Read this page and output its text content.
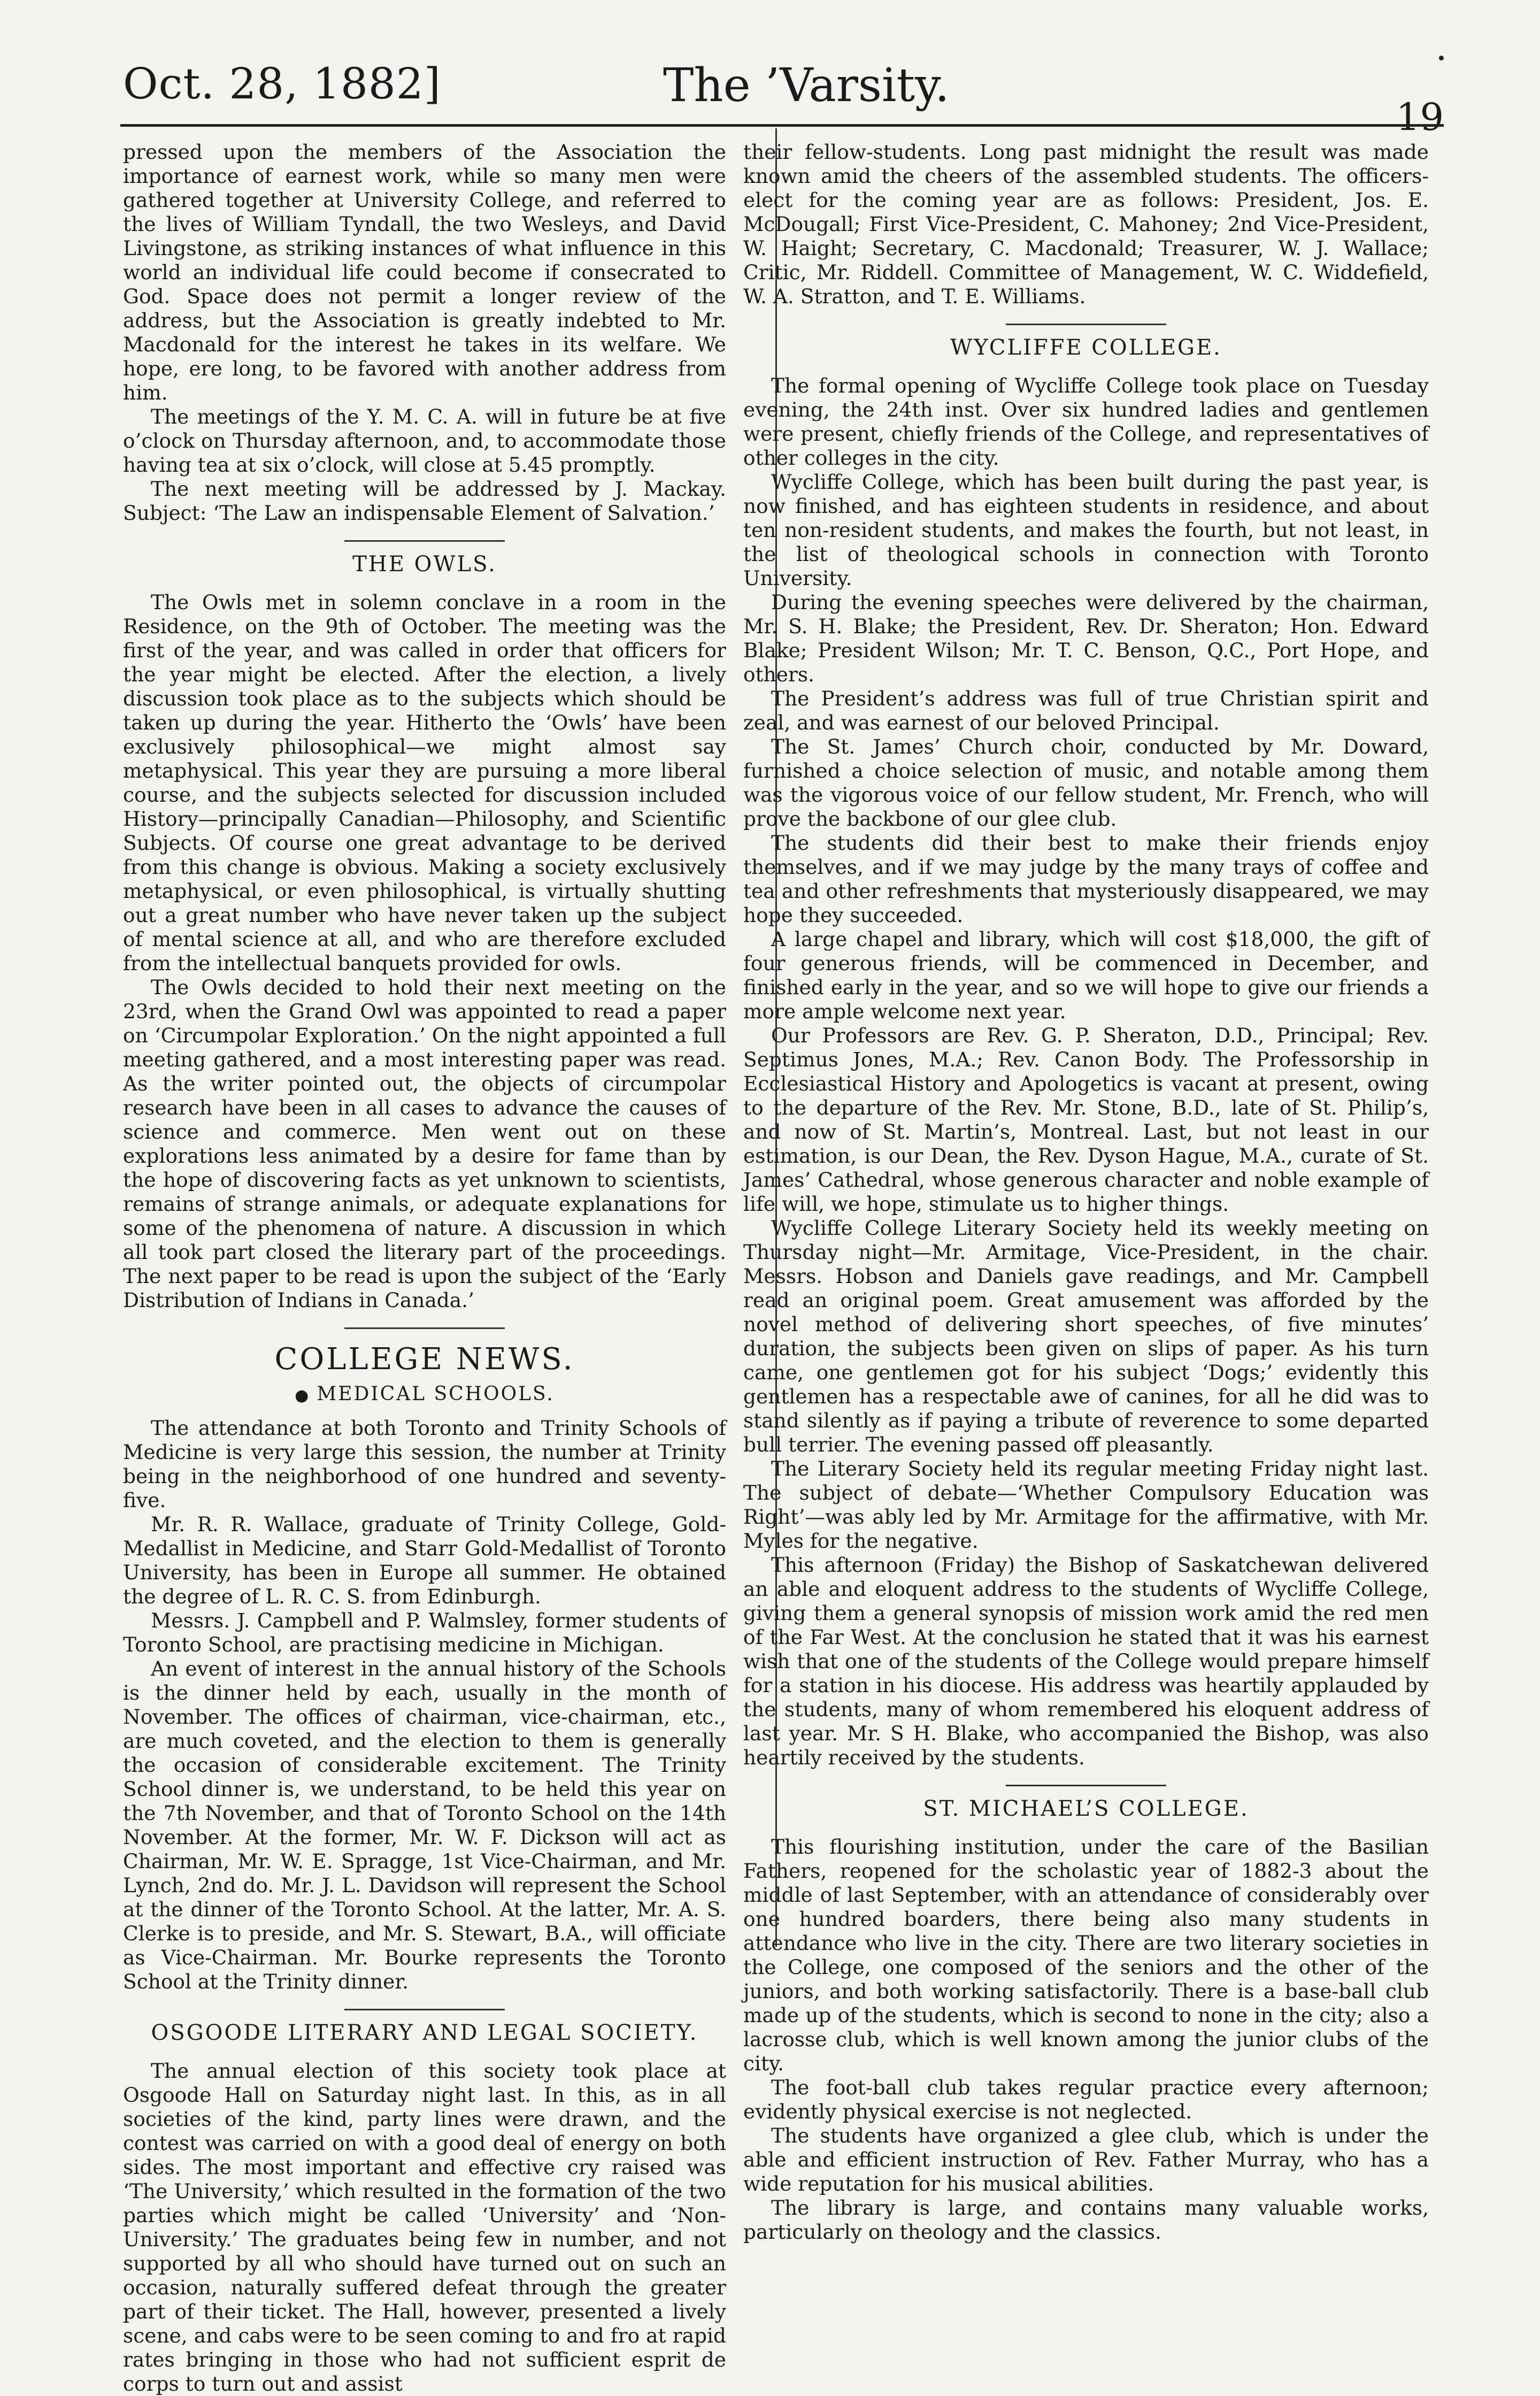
Oct. 28, 1882]	The ’Varsity.
19

pressed upon the members of the Association the importance of earnest work, while so many men were gathered together at University College, and referred to the lives of William Tyndall, the two Wesleys, and David Livingstone, as striking instances of what influence in this world an individual life could become if consecrated to God. Space does not permit a longer review of the address, but the Association is greatly indebted to Mr. Macdonald for the interest he takes in its welfare. We hope, ere long, to be favored with another address from him.

The meetings of the Y. M. C. A. will in future be at five o’clock on Thursday afternoon, and, to accommodate those having tea at six o’clock, will close at 5.45 promptly.

The next meeting will be addressed by J. Mackay. Subject: ‘The Law an indispensable Element of Salvation.’

THE OWLS.

The Owls met in solemn conclave in a room in the Residence, on the 9th of October. The meeting was the first of the year, and was called in order that officers for the year might be elected. After the election, a lively discussion took place as to the subjects which should be taken up during the year. Hitherto the ‘Owls’ have been exclusively philosophical—we might almost say metaphysical. This year they are pursuing a more liberal course, and the subjects selected for discussion included History—principally Canadian—Philosophy, and Scientific Subjects. Of course one great advantage to be derived from this change is obvious. Making a society exclusively metaphysical, or even philosophical, is virtually shutting out a great number who have never taken up the subject of mental science at all, and who are therefore excluded from the intellectual banquets provided for owls.

The Owls decided to hold their next meeting on the 23rd, when the Grand Owl was appointed to read a paper on ‘Circumpolar Exploration.’ On the night appointed a full meeting gathered, and a most interesting paper was read. As the writer pointed out, the objects of circumpolar research have been in all cases to advance the causes of science and commerce. Men went out on these explorations less animated by a desire for fame than by the hope of discovering facts as yet unknown to scientists, remains of strange animals, or adequate explanations for some of the phenomena of nature. A discussion in which all took part closed the literary part of the proceedings. The next paper to be read is upon the subject of the ‘Early Distribution of Indians in Canada.’

COLLEGE NEWS.
● MEDICAL SCHOOLS.

The attendance at both Toronto and Trinity Schools of Medicine is very large this session, the number at Trinity being in the neighborhood of one hundred and seventy-five.

Mr. R. R. Wallace, graduate of Trinity College, Gold-Medallist in Medicine, and Starr Gold-Medallist of Toronto University, has been in Europe all summer. He obtained the degree of L. R. C. S. from Edinburgh.

Messrs. J. Campbell and P. Walmsley, former students of Toronto School, are practising medicine in Michigan.

An event of interest in the annual history of the Schools is the dinner held by each, usually in the month of November. The offices of chairman, vice-chairman, etc., are much coveted, and the election to them is generally the occasion of considerable excitement. The Trinity School dinner is, we understand, to be held this year on the 7th November, and that of Toronto School on the 14th November. At the former, Mr. W. F. Dickson will act as Chairman, Mr. W. E. Spragge, 1st Vice-Chairman, and Mr. Lynch, 2nd do. Mr. J. L. Davidson will represent the School at the dinner of the Toronto School. At the latter, Mr. A. S. Clerke is to preside, and Mr. S. Stewart, B.A., will officiate as Vice-Chairman. Mr. Bourke represents the Toronto School at the Trinity dinner.

OSGOODE LITERARY AND LEGAL SOCIETY.

The annual election of this society took place at Osgoode Hall on Saturday night last. In this, as in all societies of the kind, party lines were drawn, and the contest was carried on with a good deal of energy on both sides. The most important and effective cry raised was ‘The University,’ which resulted in the formation of the two parties which might be called ‘University’ and ‘Non-University.’ The graduates being few in number, and not supported by all who should have turned out on such an occasion, naturally suffered defeat through the greater part of their ticket. The Hall, however, presented a lively scene, and cabs were to be seen coming to and fro at rapid rates bringing in those who had not sufficient esprit de corps to turn out and assist

their fellow-students. Long past midnight the result was made known amid the cheers of the assembled students. The officers-elect for the coming year are as follows: President, Jos. E. McDougall; First Vice-President, C. Mahoney; 2nd Vice-President, W. Haight; Secretary, C. Macdonald; Treasurer, W. J. Wallace; Critic, Mr. Riddell. Committee of Management, W. C. Widdefield, W. A. Stratton, and T. E. Williams.

WYCLIFFE COLLEGE.

The formal opening of Wycliffe College took place on Tuesday evening, the 24th inst. Over six hundred ladies and gentlemen were present, chiefly friends of the College, and representatives of other colleges in the city.

Wycliffe College, which has been built during the past year, is now finished, and has eighteen students in residence, and about ten non-resident students, and makes the fourth, but not least, in the list of theological schools in connection with Toronto University.

During the evening speeches were delivered by the chairman, Mr. S. H. Blake; the President, Rev. Dr. Sheraton; Hon. Edward Blake; President Wilson; Mr. T. C. Benson, Q.C., Port Hope, and others.

The President’s address was full of true Christian spirit and zeal, and was earnest of our beloved Principal.

The St. James’ Church choir, conducted by Mr. Doward, furnished a choice selection of music, and notable among them was the vigorous voice of our fellow student, Mr. French, who will prove the backbone of our glee club.

The students did their best to make their friends enjoy themselves, and if we may judge by the many trays of coffee and tea and other refreshments that mysteriously disappeared, we may hope they succeeded.

A large chapel and library, which will cost $18,000, the gift of four generous friends, will be commenced in December, and finished early in the year, and so we will hope to give our friends a more ample welcome next year.

Our Professors are Rev. G. P. Sheraton, D.D., Principal; Rev. Septimus Jones, M.A.; Rev. Canon Body. The Professorship in Ecclesiastical History and Apologetics is vacant at present, owing to the departure of the Rev. Mr. Stone, B.D., late of St. Philip’s, and now of St. Martin’s, Montreal. Last, but not least in our estimation, is our Dean, the Rev. Dyson Hague, M.A., curate of St. James’ Cathedral, whose generous character and noble example of life will, we hope, stimulate us to higher things.

Wycliffe College Literary Society held its weekly meeting on Thursday night—Mr. Armitage, Vice-President, in the chair. Messrs. Hobson and Daniels gave readings, and Mr. Campbell read an original poem. Great amusement was afforded by the novel method of delivering short speeches, of five minutes’ duration, the subjects been given on slips of paper. As his turn came, one gentlemen got for his subject ‘Dogs;’ evidently this gentlemen has a respectable awe of canines, for all he did was to stand silently as if paying a tribute of reverence to some departed bull terrier. The evening passed off pleasantly.

The Literary Society held its regular meeting Friday night last. The subject of debate—‘Whether Compulsory Education was Right’—was ably led by Mr. Armitage for the affirmative, with Mr. Myles for the negative.

This afternoon (Friday) the Bishop of Saskatchewan delivered an able and eloquent address to the students of Wycliffe College, giving them a general synopsis of mission work amid the red men of the Far West. At the conclusion he stated that it was his earnest wish that one of the students of the College would prepare himself for a station in his diocese. His address was heartily applauded by the students, many of whom remembered his eloquent address of last year. Mr. S H. Blake, who accompanied the Bishop, was also heartily received by the students.

ST. MICHAEL’S COLLEGE.

This flourishing institution, under the care of the Basilian Fathers, reopened for the scholastic year of 1882-3 about the middle of last September, with an attendance of considerably over one hundred boarders, there being also many students in attendance who live in the city. There are two literary societies in the College, one composed of the seniors and the other of the juniors, and both working satisfactorily. There is a base-ball club made up of the students, which is second to none in the city; also a lacrosse club, which is well known among the junior clubs of the city.

The foot-ball club takes regular practice every afternoon; evidently physical exercise is not neglected.

The students have organized a glee club, which is under the able and efficient instruction of Rev. Father Murray, who has a wide reputation for his musical abilities.

The library is large, and contains many valuable works, particularly on theology and the classics.
